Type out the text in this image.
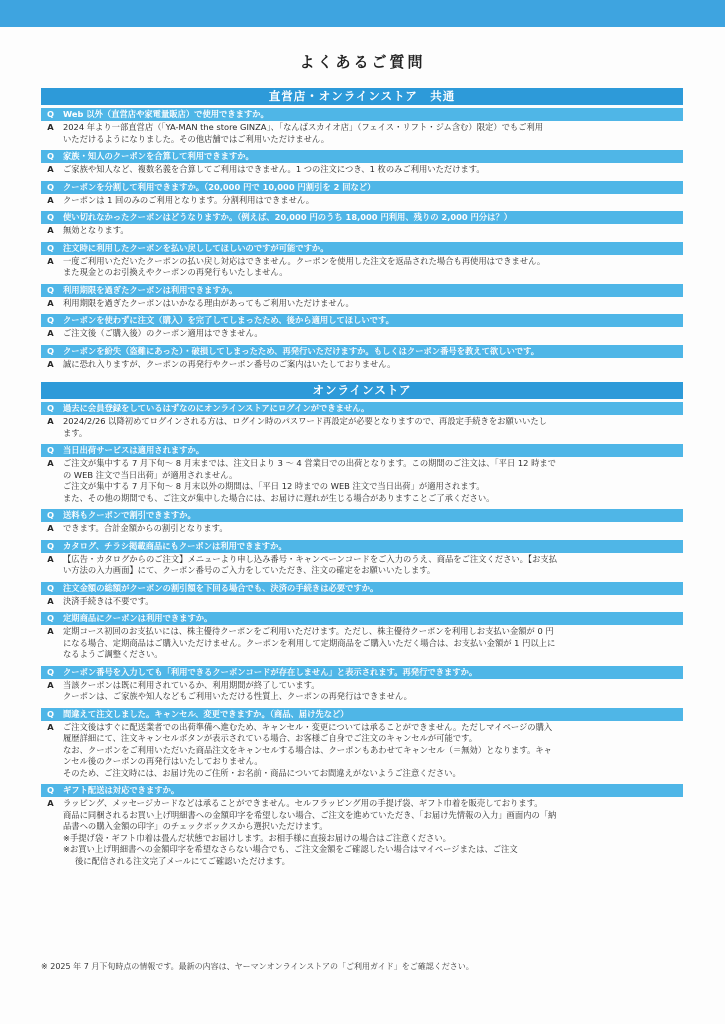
よくあるご質問
直営店・オンラインストア　共通
Q	Web 以外（直営店や家電量販店）で使用できますか。
A	2024 年より一部直営店（「YA-MAN the store GINZA」、「なんばスカイオ店」（フェイス・リフト・ジム含む）限定）でもご利用
いただけるようになりました。その他店舗ではご利用いただけません。
Q	家族・知人のクーポンを合算して利用できますか。
A	ご家族や知人など、複数名義を合算してご利用はできません。1 つの注文につき、1 枚のみご利用いただけます。
Q	クーポンを分割して利用できますか。（20,000 円で 10,000 円割引を 2 回など）
A	クーポンは 1 回のみのご利用となります。分割利用はできません。
Q	使い切れなかったクーポンはどうなりますか。（例えば、20,000 円のうち 18,000 円利用、残りの 2,000 円分は？）
A	無効となります。
Q	注文時に利用したクーポンを払い戻ししてほしいのですが可能ですか。
A	一度ご利用いただいたクーポンの払い戻し対応はできません。クーポンを使用した注文を返品された場合も再使用はできません。
また現金とのお引換えやクーポンの再発行もいたしません。
Q	利用期限を過ぎたクーポンは利用できますか。
A	利用期限を過ぎたクーポンはいかなる理由があってもご利用いただけません。
Q	クーポンを使わずに注文（購入）を完了してしまったため、後から適用してほしいです。
A	ご注文後（ご購入後）のクーポン適用はできません。
Q	クーポンを紛失（盗難にあった）・破損してしまったため、再発行いただけますか。もしくはクーポン番号を教えて欲しいです。
A	誠に恐れ入りますが、クーポンの再発行やクーポン番号のご案内はいたしておりません。
オンラインストア
Q	過去に会員登録をしているはずなのにオンラインストアにログインができません。
A	2024/2/26 以降初めてログインされる方は、ログイン時のパスワード再設定が必要となりますので、再設定手続きをお願いいたし
ます。
Q	当日出荷サービスは適用されますか。
A	ご注文が集中する 7 月下旬～ 8 月末までは、注文日より 3 ～ 4 営業日での出荷となります。この期間のご注文は、「平日 12 時まで
の WEB 注文で当日出荷」が適用されません。
ご注文が集中する 7 月下旬～ 8 月末以外の期間は、「平日 12 時までの WEB 注文で当日出荷」が適用されます。
また、その他の期間でも、ご注文が集中した場合には、お届けに遅れが生じる場合がありますことご了承ください。
Q	送料もクーポンで割引できますか。
A	できます。合計金額からの割引となります。
Q	カタログ、チラシ掲載商品にもクーポンは利用できますか。
A	【広告・カタログからのご注文】メニューより申し込み番号・キャンペーンコードをご入力のうえ、商品をご注文ください。【お支払
い方法の入力画面】にて、クーポン番号のご入力をしていただき、注文の確定をお願いいたします。
Q	注文金額の総額がクーポンの割引額を下回る場合でも、決済の手続きは必要ですか。
A	決済手続きは不要です。
Q	定期商品にクーポンは利用できますか。
A	定期コース初回のお支払いには、株主優待クーポンをご利用いただけます。ただし、株主優待クーポンを利用しお支払い金額が 0 円
になる場合、定期商品はご購入いただけません。クーポンを利用して定期商品をご購入いただく場合は、お支払い金額が 1 円以上に
なるようご調整ください。
Q	クーポン番号を入力しても「利用できるクーポンコードが存在しません」と表示されます。再発行できますか。
A	当該クーポンは既に利用されているか、利用期間が終了しています。
クーポンは、ご家族や知人などもご利用いただける性質上、クーポンの再発行はできません。
Q	間違えて注文しました。キャンセル、変更できますか。（商品、届け先など）
A	ご注文後はすぐに配送業者での出荷準備へ進むため、キャンセル・変更については承ることができません。ただしマイページの購入
履歴詳細にて、注文キャンセルボタンが表示されている場合、お客様ご自身でご注文のキャンセルが可能です。
なお、クーポンをご利用いただいた商品注文をキャンセルする場合は、クーポンもあわせてキャンセル（＝無効）となります。キャ
ンセル後のクーポンの再発行はいたしておりません。
そのため、ご注文時には、お届け先のご住所・お名前・商品についてお間違えがないようご注意ください。
Q	ギフト配送は対応できますか。
A	ラッピング、メッセージカードなどは承ることができません。セルフラッピング用の手提げ袋、ギフト巾着を販売しております。
商品に同梱されるお買い上げ明細書への金額印字を希望しない場合、ご注文を進めていただき、「お届け先情報の入力」画面内の「納
品書への購入金額の印字」のチェックボックスから選択いただけます。
※手提げ袋・ギフト巾着は畳んだ状態でお届けします。お相手様に直接お届けの場合はご注意ください。
※お買い上げ明細書への金額印字を希望なさらない場合でも、ご注文金額をご確認したい場合はマイページまたは、ご注文
後に配信される注文完了メールにてご確認いただけます。
※ 2025 年 7 月下旬時点の情報です。最新の内容は、ヤーマンオンラインストアの「ご利用ガイド」をご確認ください。
